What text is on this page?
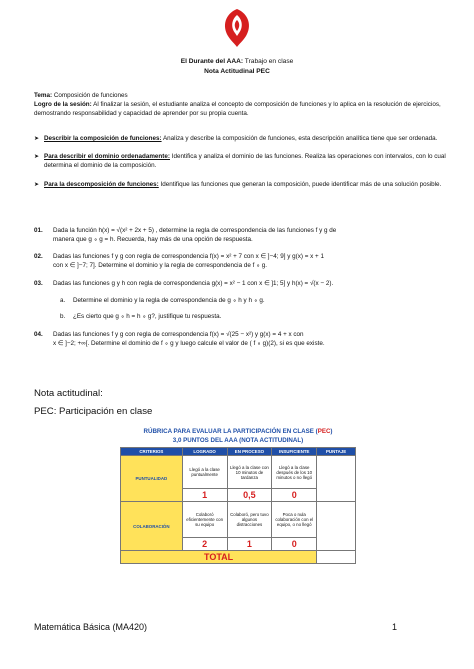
El Durante del AAA: Trabajo en clase
Nota Actitudinal PEC
Tema: Composición de funciones
Logro de la sesión: Al finalizar la sesión, el estudiante analiza el concepto de composición de funciones y lo aplica en la resolución de ejercicios, demostrando responsabilidad y capacidad de aprender por su propia cuenta.
➤ Describir la composición de funciones: Analiza y describe la composición de funciones, esta descripción analítica tiene que ser ordenada.
➤ Para describir el dominio ordenadamente: Identifica y analiza el dominio de las funciones. Realiza las operaciones con intervalos, con lo cual determina el dominio de la composición.
➤ Para la descomposición de funciones: Identifique las funciones que generan la composición, puede identificar más de una solución posible.
01. Dada la función h(x) = √(x² + 2x + 5) , determine la regla de correspondencia de las funciones f y g de
manera que g ∘ g = h. Recuerda, hay más de una opción de respuesta.
02. Dadas las funciones f y g con regla de correspondencia f(x) = x² + 7 con x ∈ ]−4; 9] y g(x) = x + 1
con x ∈ ]−7; 7]. Determine el dominio y la regla de correspondencia de f ∘ g.
03. Dadas las funciones g y h con regla de correspondencia g(x) = x² − 1 con x ∈ ]1; 5] y h(x) = √(x − 2).
a. Determine el dominio y la regla de correspondencia de g ∘ h y h ∘ g.
b. ¿Es cierto que g ∘ h = h ∘ g?, justifique tu respuesta.
04. Dadas las funciones f y g con regla de correspondencia f(x) = √(25 − x²) y g(x) = 4 + x con
x ∈ ]−2; +∞[. Determine el dominio de f ∘ g y luego calcule el valor de ( f ∘ g)(2), si es que existe.
Nota actitudinal:
PEC: Participación en clase
RÚBRICA PARA EVALUAR LA PARTICIPACIÓN EN CLASE (PEC)
3,0 PUNTOS DEL AAA (NOTA ACTITUDINAL)
CRITERIOS	LOGRADO	EN PROCESO	INSUFICIENTE	PUNTAJE
PUNTUALIDAD	Llegó a la clase puntualmente	Llegó a la clase con 10 minutos de tardanza	Llegó a la clase después de los 10 minutos o no llegó	
	1	0,5	0	
COLABORACIÓN	Colaboró eficientemente con su equipo	Colaboró, pero tuvo algunos distracciones	Poca o nula colaboración con el equipo, o no llegó	
	2	1	0	
TOTAL				
Matemática Básica (MA420)	1
